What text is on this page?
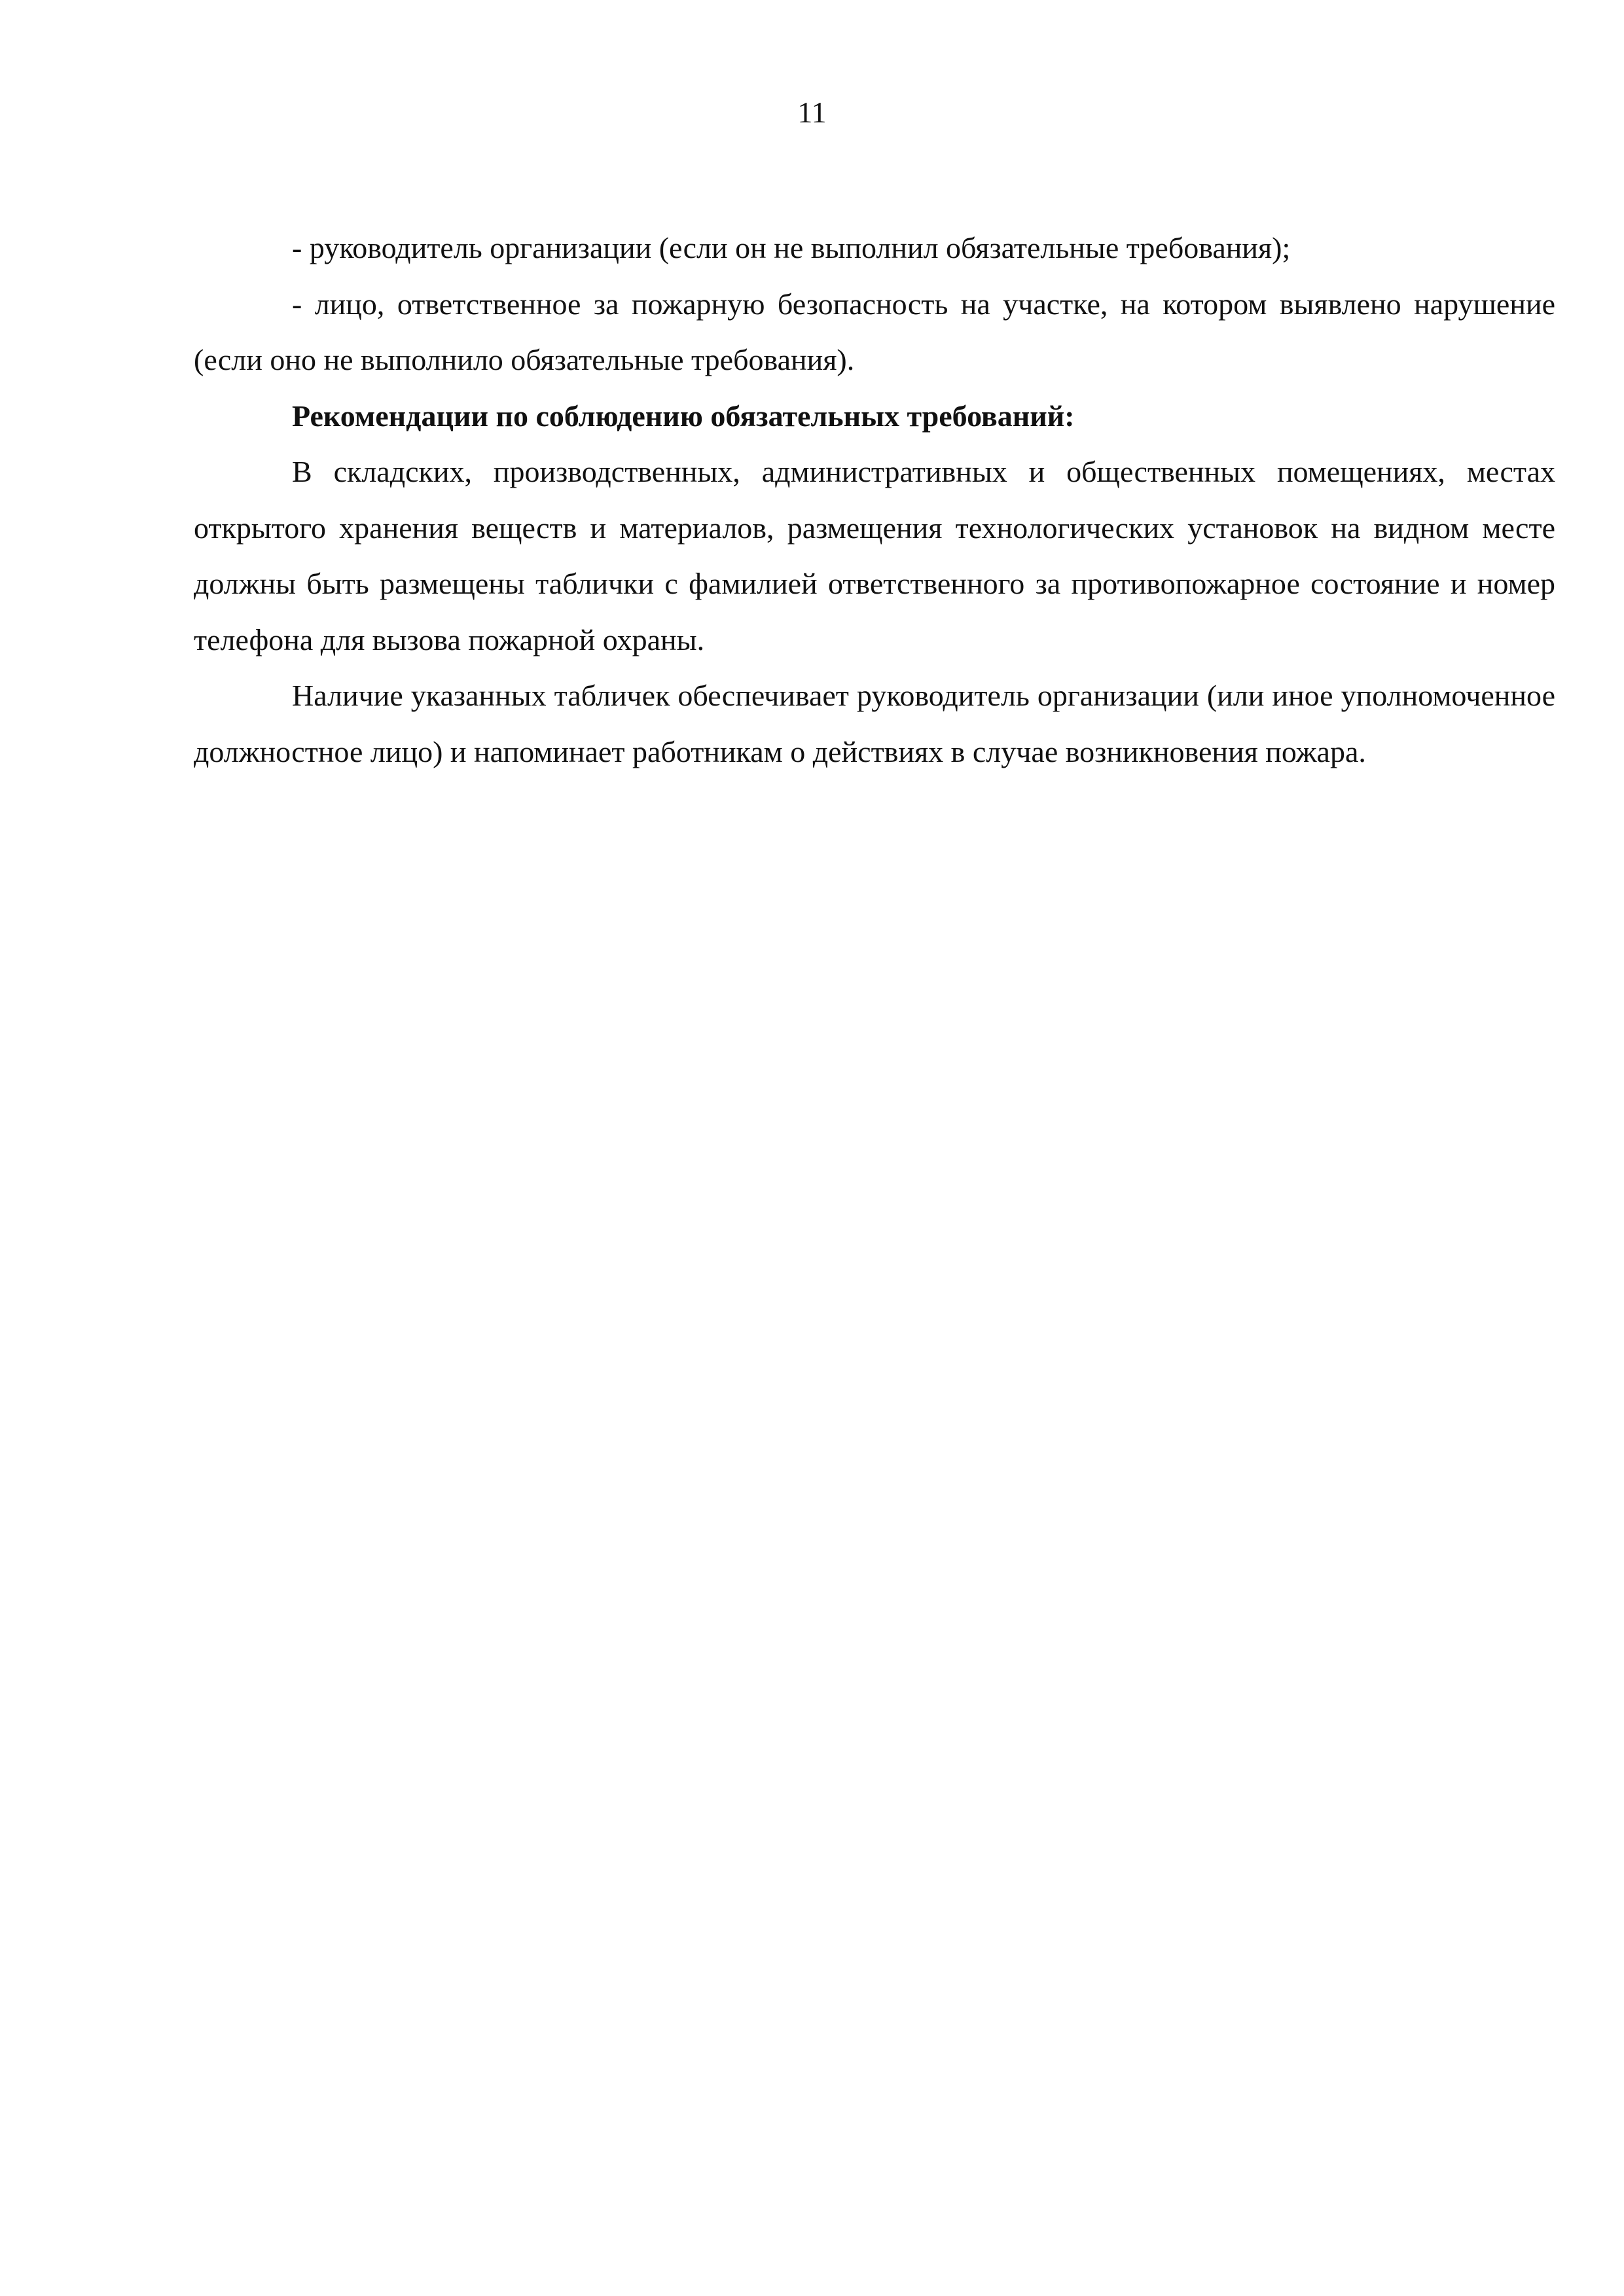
11

- руководитель организации (если он не выполнил обязательные требования);

- лицо, ответственное за пожарную безопасность на участке, на котором выявлено нарушение (если оно не выполнило обязательные требования).

Рекомендации по соблюдению обязательных требований:

В складских, производственных, административных и общественных помещениях, местах открытого хранения веществ и материалов, размещения технологических установок на видном месте должны быть размещены таблички с фамилией ответственного за противопожарное состояние и номер телефона для вызова пожарной охраны.

Наличие указанных табличек обеспечивает руководитель организации (или иное уполномоченное должностное лицо) и напоминает работникам о действиях в случае возникновения пожара.
